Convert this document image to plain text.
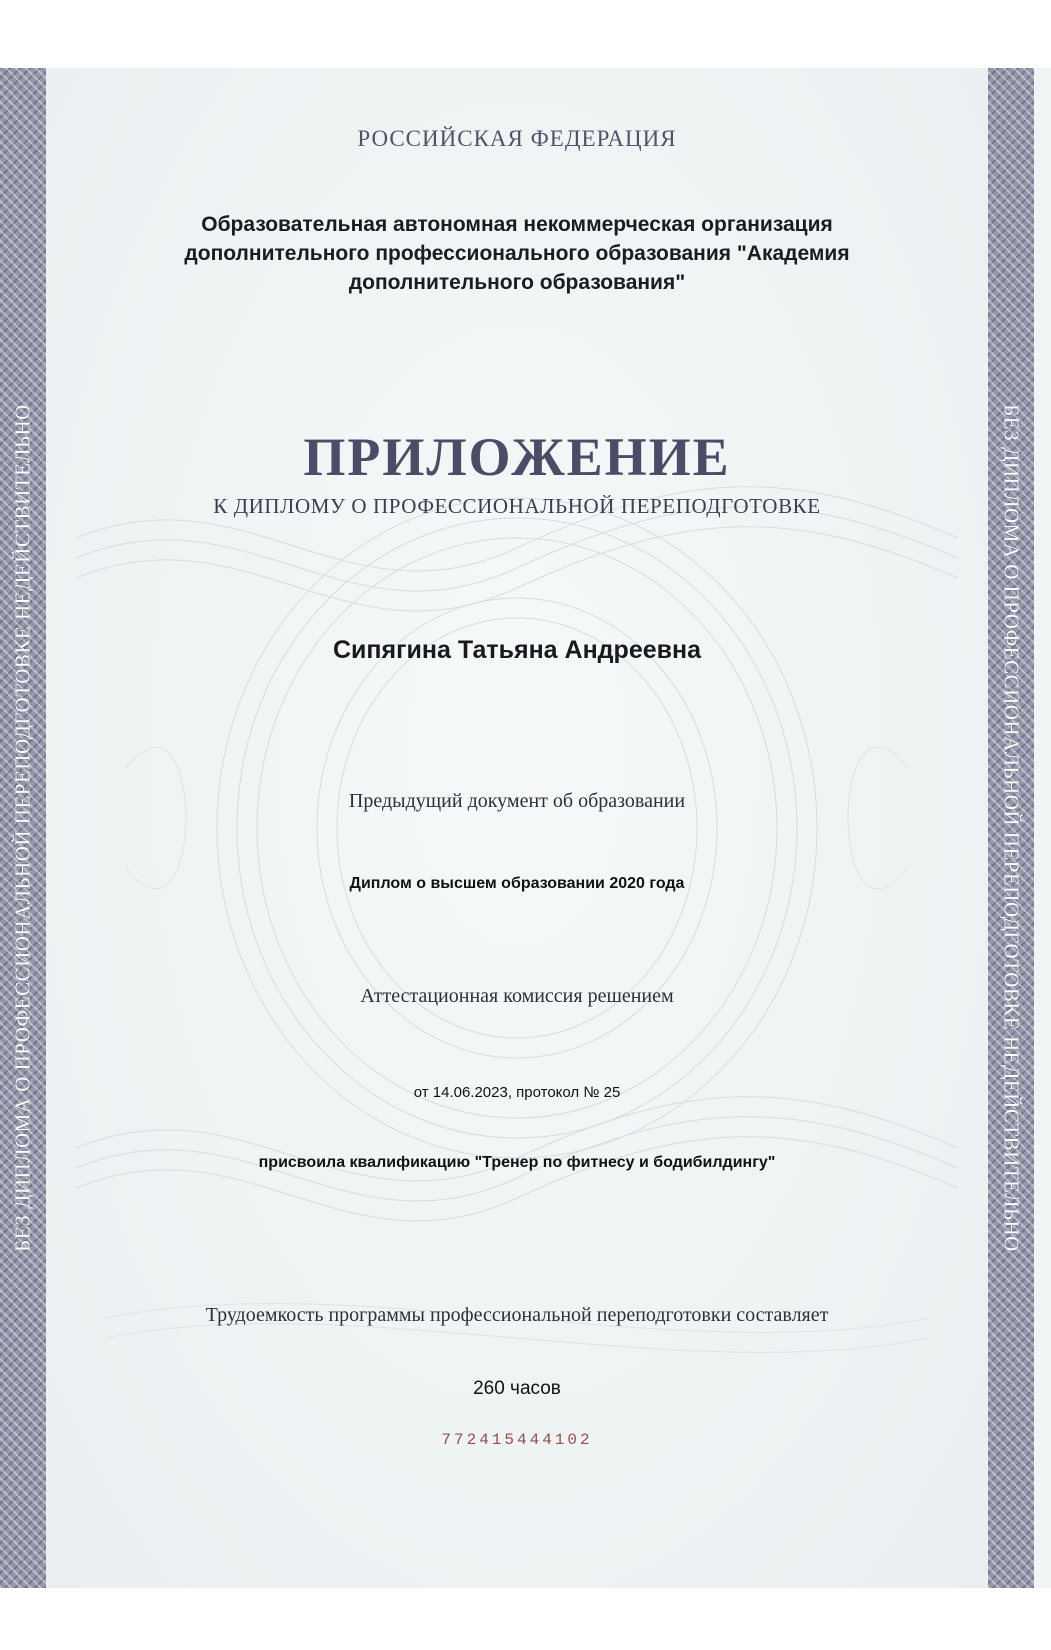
БЕЗ ДИПЛОМА О ПРОФЕССИОНАЛЬНОЙ ПЕРЕПОДГОТОВКЕ НЕДЕЙСТВИТЕЛЬНО
РОССИЙСКАЯ ФЕДЕРАЦИЯ
Образовательная автономная некоммерческая организация дополнительного профессионального образования "Академия дополнительного образования"
ПРИЛОЖЕНИЕ
К ДИПЛОМУ О ПРОФЕССИОНАЛЬНОЙ ПЕРЕПОДГОТОВКЕ
Сипягина Татьяна Андреевна
Предыдущий документ об образовании
Диплом о высшем образовании 2020 года
Аттестационная комиссия решением
от 14.06.2023, протокол № 25
присвоила квалификацию "Тренер по фитнесу и бодибилдингу"
Трудоемкость программы профессиональной переподготовки составляет
260 часов
772415444102
БЕЗ ДИПЛОМА О ПРОФЕССИОНАЛЬНОЙ ПЕРЕПОДГОТОВКЕ НЕДЕЙСТВИТЕЛЬНО
